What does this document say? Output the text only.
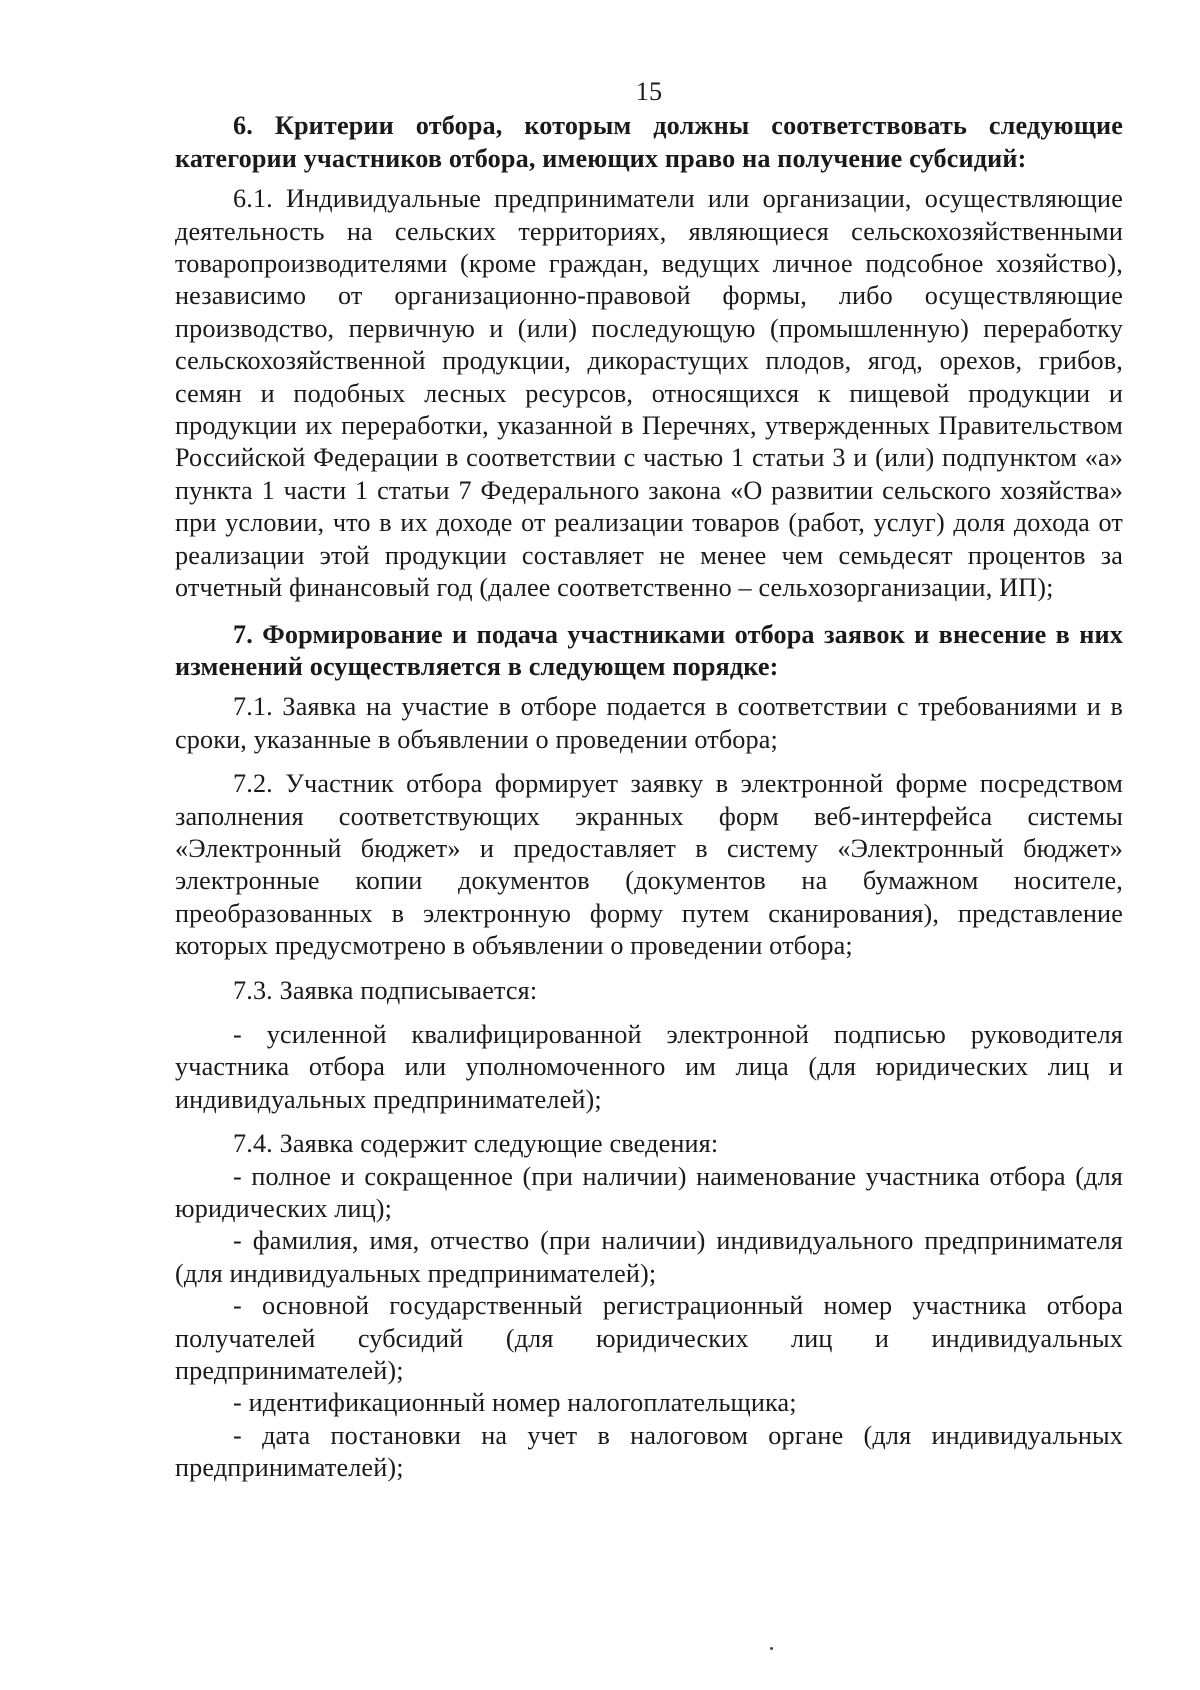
15

6. Критерии отбора, которым должны соответствовать следующие категории участников отбора, имеющих право на получение субсидий:

6.1. Индивидуальные предприниматели или организации, осуществляющие деятельность на сельских территориях, являющиеся сельскохозяйственными товаропроизводителями (кроме граждан, ведущих личное подсобное хозяйство), независимо от организационно-правовой формы, либо осуществляющие производство, первичную и (или) последующую (промышленную) переработку сельскохозяйственной продукции, дикорастущих плодов, ягод, орехов, грибов, семян и подобных лесных ресурсов, относящихся к пищевой продукции и продукции их переработки, указанной в Перечнях, утвержденных Правительством Российской Федерации в соответствии с частью 1 статьи 3 и (или) подпунктом «а» пункта 1 части 1 статьи 7 Федерального закона «О развитии сельского хозяйства» при условии, что в их доходе от реализации товаров (работ, услуг) доля дохода от реализации этой продукции составляет не менее чем семьдесят процентов за отчетный финансовый год (далее соответственно – сельхозорганизации, ИП);

7. Формирование и подача участниками отбора заявок и внесение в них изменений осуществляется в следующем порядке:

7.1. Заявка на участие в отборе подается в соответствии с требованиями и в сроки, указанные в объявлении о проведении отбора;

7.2. Участник отбора формирует заявку в электронной форме посредством заполнения соответствующих экранных форм веб-интерфейса системы «Электронный бюджет» и предоставляет в систему «Электронный бюджет» электронные копии документов (документов на бумажном носителе, преобразованных в электронную форму путем сканирования), представление которых предусмотрено в объявлении о проведении отбора;

7.3. Заявка подписывается:

- усиленной квалифицированной электронной подписью руководителя участника отбора или уполномоченного им лица (для юридических лиц и индивидуальных предпринимателей);

7.4. Заявка содержит следующие сведения:

- полное и сокращенное (при наличии) наименование участника отбора (для юридических лиц);

- фамилия, имя, отчество (при наличии) индивидуального предпринимателя (для индивидуальных предпринимателей);

- основной государственный регистрационный номер участника отбора получателей субсидий (для юридических лиц и индивидуальных предпринимателей);

- идентификационный номер налогоплательщика;

- дата постановки на учет в налоговом органе (для индивидуальных предпринимателей);
